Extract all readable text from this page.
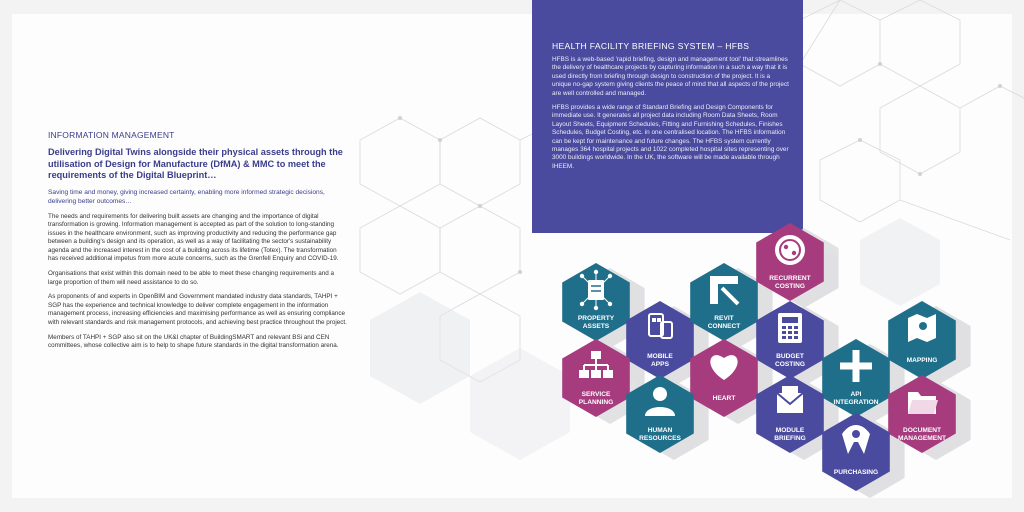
INFORMATION MANAGEMENT
Delivering Digital Twins alongside their physical assets through the utilisation of Design for Manufacture (DfMA) & MMC to meet the requirements of the Digital Blueprint…
Saving time and money, giving increased certainty, enabling more informed strategic decisions, delivering better outcomes…

The needs and requirements for delivering built assets are changing and the importance of digital transformation is growing. Information management is accepted as part of the solution to long-standing issues in the healthcare environment, such as improving productivity and reducing the performance gap between a building's design and its operation, as well as a way of facilitating the sector's sustainability agenda and the increased interest in the cost of a building across its lifetime (Totex). The transformation has received additional impetus from more acute concerns, such as the Grenfell Enquiry and COVID-19.

Organisations that exist within this domain need to be able to meet these changing requirements and a large proportion of them will need assistance to do so.

As proponents of and experts in OpenBIM and Government mandated industry data standards, TAHPI + SGP has the experience and technical knowledge to deliver complete engagement in the information management process, increasing efficiencies and maximising performance as well as ensuring compliance with relevant standards and risk management protocols, and achieving best practice throughout the project.

Members of TAHPI + SGP also sit on the UK&I chapter of BuildingSMART and relevant BSi and CEN committees, whose collective aim is to help to shape future standards in the digital transformation arena.

HEALTH FACILITY BRIEFING SYSTEM – HFBS

HFBS is a web-based 'rapid briefing, design and management tool' that streamlines the delivery of healthcare projects by capturing information in a such a way that it is used directly from briefing through design to construction of the project. It is a unique no-gap system giving clients the peace of mind that all aspects of the project are well controlled and managed.

HFBS provides a wide range of Standard Briefing and Design Components for immediate use. It generates all project data including Room Data Sheets, Room Layout Sheets, Equipment Schedules, Fitting and Furnishing Schedules, Finishes Schedules, Budget Costing, etc. in one centralised location. The HFBS information can be kept for maintenance and future changes. The HFBS system currently manages 364 hospital projects and 1022 completed hospital sites representing over 3000 buildings worldwide. In the UK, the software will be made available through IHEEM.

PROPERTY
ASSETS
MOBILE
APPS
REVIT
CONNECT
RECURRENT
COSTING
BUDGET
COSTING
SERVICE
PLANNING
HEART
API
INTEGRATION
MAPPING
HUMAN
RESOURCES
MODULE
BRIEFING
DOCUMENT
MANAGEMENT
PURCHASING
